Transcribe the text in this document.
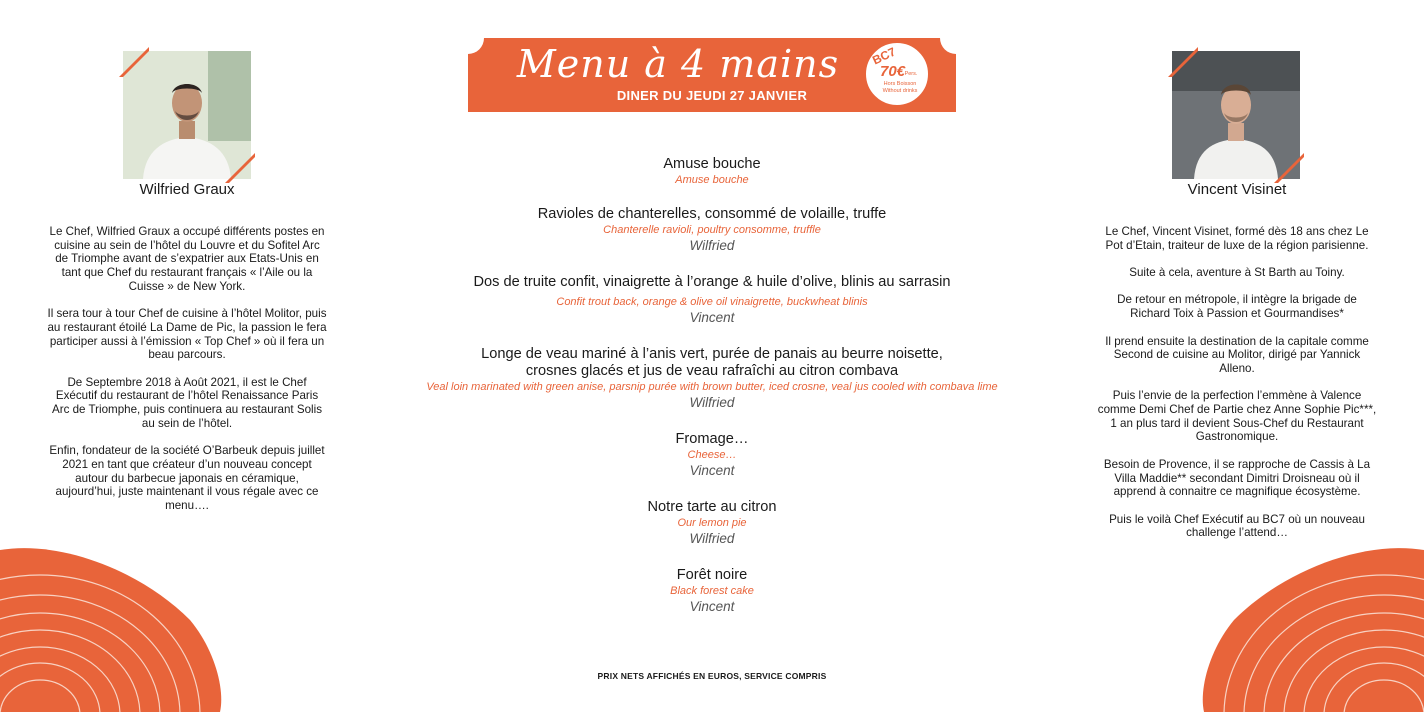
Wilfried Graux

Le Chef, Wilfried Graux a occupé différents postes en cuisine au sein de l’hôtel du Louvre et du Sofitel Arc de Triomphe avant de s’expatrier aux Etats-Unis en tant que Chef du restaurant français « l’Aile ou la Cuisse » de New York.

Il sera tour à tour Chef de cuisine à l’hôtel Molitor, puis au restaurant étoilé La Dame de Pic, la passion le fera participer aussi à l’émission « Top Chef » où il fera un beau parcours.

De Septembre 2018 à Août 2021, il est le Chef Exécutif du restaurant de l’hôtel Renaissance Paris Arc de Triomphe, puis continuera au restaurant Solis au sein de l’hôtel.

Enfin, fondateur de la société O’Barbeuk depuis juillet 2021 en tant que créateur d’un nouveau concept autour du barbecue japonais en céramique, aujourd’hui, juste maintenant il vous régale avec ce menu….

Vincent Visinet

Le Chef, Vincent Visinet, formé dès 18 ans chez Le Pot d’Etain, traiteur de luxe de la région parisienne.

Suite à cela, aventure à St Barth au Toiny.

De retour en métropole, il intègre la brigade de Richard Toix à Passion et Gourmandises*

Il prend ensuite la destination de la capitale comme Second de cuisine au Molitor, dirigé par Yannick Alleno.

Puis l’envie de la perfection l’emmène à Valence comme Demi Chef de Partie chez Anne Sophie Pic***, 1 an plus tard il devient Sous-Chef du Restaurant Gastronomique.

Besoin de Provence, il se rapproche de Cassis à La Villa Maddie** secondant Dimitri Droisneau où il apprend à connaitre ce magnifique écosystème.

Puis le voilà Chef Exécutif au BC7 où un nouveau challenge l’attend…

Menu à 4 mains
DINER DU JEUDI 27 JANVIER
BC7
70€ Pers.
Hors Boisson
Without drinks
Amuse bouche
Amuse bouche
Ravioles de chanterelles, consommé de volaille, truffe
Chanterelle ravioli, poultry consomme, truffle
Wilfried
Dos de truite confit, vinaigrette à l’orange & huile d’olive, blinis au sarrasin
Confit trout back, orange & olive oil vinaigrette, buckwheat blinis
Vincent
Longe de veau mariné à l’anis vert, purée de panais au beurre noisette,
crosnes glacés et jus de veau rafraîchi au citron combava
Veal loin marinated with green anise, parsnip purée with brown butter, iced crosne, veal jus cooled with combava lime
Wilfried
Fromage…
Cheese…
Vincent
Notre tarte au citron
Our lemon pie
Wilfried
Forêt noire
Black forest cake
Vincent
PRIX NETS AFFICHÉS EN EUROS, SERVICE COMPRIS
